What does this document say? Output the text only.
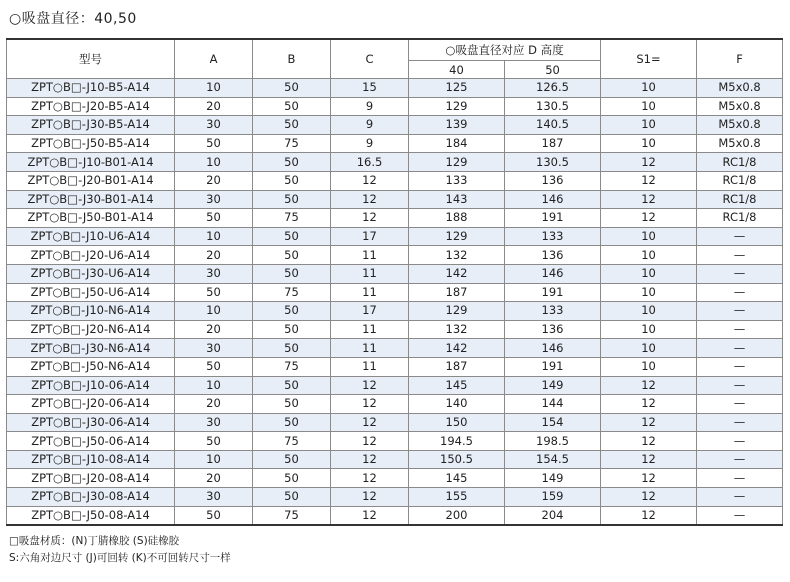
○吸盘直径：40,50
型号	A	B	C	○吸盘直径对应 D 高度		S1=	F
				40	50		
ZPT○B□-J10-B5-A14	10	50	15	125	126.5	10	M5x0.8
ZPT○B□-J20-B5-A14	20	50	9	129	130.5	10	M5x0.8
ZPT○B□-J30-B5-A14	30	50	9	139	140.5	10	M5x0.8
ZPT○B□-J50-B5-A14	50	75	9	184	187	10	M5x0.8
ZPT○B□-J10-B01-A14	10	50	16.5	129	130.5	12	RC1/8
ZPT○B□-J20-B01-A14	20	50	12	133	136	12	RC1/8
ZPT○B□-J30-B01-A14	30	50	12	143	146	12	RC1/8
ZPT○B□-J50-B01-A14	50	75	12	188	191	12	RC1/8
ZPT○B□-J10-U6-A14	10	50	17	129	133	10	—
ZPT○B□-J20-U6-A14	20	50	11	132	136	10	—
ZPT○B□-J30-U6-A14	30	50	11	142	146	10	—
ZPT○B□-J50-U6-A14	50	75	11	187	191	10	—
ZPT○B□-J10-N6-A14	10	50	17	129	133	10	—
ZPT○B□-J20-N6-A14	20	50	11	132	136	10	—
ZPT○B□-J30-N6-A14	30	50	11	142	146	10	—
ZPT○B□-J50-N6-A14	50	75	11	187	191	10	—
ZPT○B□-J10-06-A14	10	50	12	145	149	12	—
ZPT○B□-J20-06-A14	20	50	12	140	144	12	—
ZPT○B□-J30-06-A14	30	50	12	150	154	12	—
ZPT○B□-J50-06-A14	50	75	12	194.5	198.5	12	—
ZPT○B□-J10-08-A14	10	50	12	150.5	154.5	12	—
ZPT○B□-J20-08-A14	20	50	12	145	149	12	—
ZPT○B□-J30-08-A14	30	50	12	155	159	12	—
ZPT○B□-J50-08-A14	50	75	12	200	204	12	—
□吸盘材质：(N)丁腈橡胶 (S)硅橡胶
S:六角对边尺寸 (J)可回转 (K)不可回转尺寸一样
